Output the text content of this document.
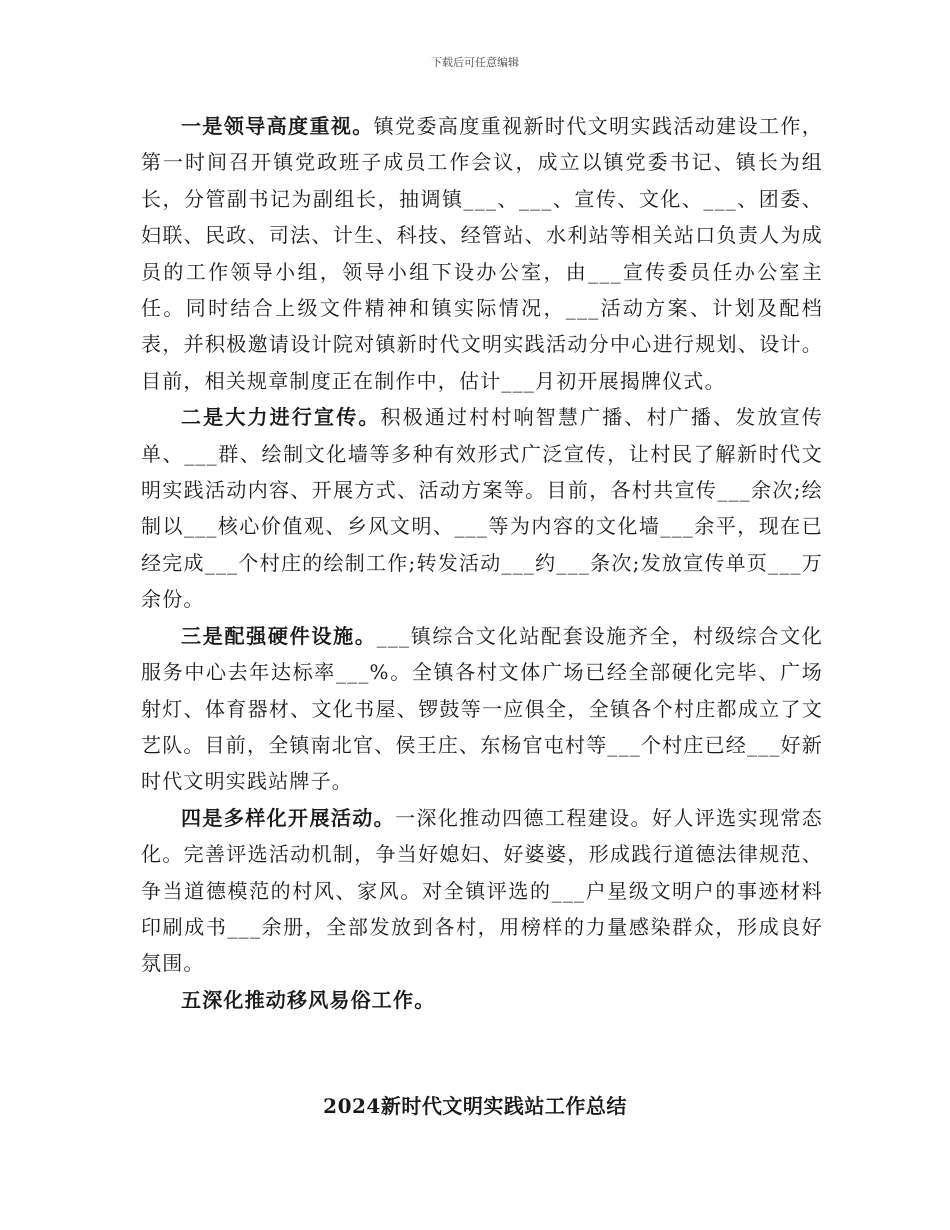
下载后可任意编辑

一是领导高度重视。镇党委高度重视新时代文明实践活动建设工作，第一时间召开镇党政班子成员工作会议，成立以镇党委书记、镇长为组长，分管副书记为副组长，抽调镇___、___、宣传、文化、___、团委、妇联、民政、司法、计生、科技、经管站、水利站等相关站口负责人为成员的工作领导小组，领导小组下设办公室，由___宣传委员任办公室主任。同时结合上级文件精神和镇实际情况，___活动方案、计划及配档表，并积极邀请设计院对镇新时代文明实践活动分中心进行规划、设计。目前，相关规章制度正在制作中，估计___月初开展揭牌仪式。

二是大力进行宣传。积极通过村村响智慧广播、村广播、发放宣传单、___群、绘制文化墙等多种有效形式广泛宣传，让村民了解新时代文明实践活动内容、开展方式、活动方案等。目前，各村共宣传___余次;绘制以___核心价值观、乡风文明、___等为内容的文化墙___余平，现在已经完成___个村庄的绘制工作;转发活动___约___条次;发放宣传单页___万余份。

三是配强硬件设施。___镇综合文化站配套设施齐全，村级综合文化服务中心去年达标率___%。全镇各村文体广场已经全部硬化完毕、广场射灯、体育器材、文化书屋、锣鼓等一应俱全，全镇各个村庄都成立了文艺队。目前，全镇南北官、侯王庄、东杨官屯村等___个村庄已经___好新时代文明实践站牌子。

四是多样化开展活动。一深化推动四德工程建设。好人评选实现常态化。完善评选活动机制，争当好媳妇、好婆婆，形成践行道德法律规范、争当道德模范的村风、家风。对全镇评选的___户星级文明户的事迹材料印刷成书___余册，全部发放到各村，用榜样的力量感染群众，形成良好氛围。

五深化推动移风易俗工作。

2024新时代文明实践站工作总结
